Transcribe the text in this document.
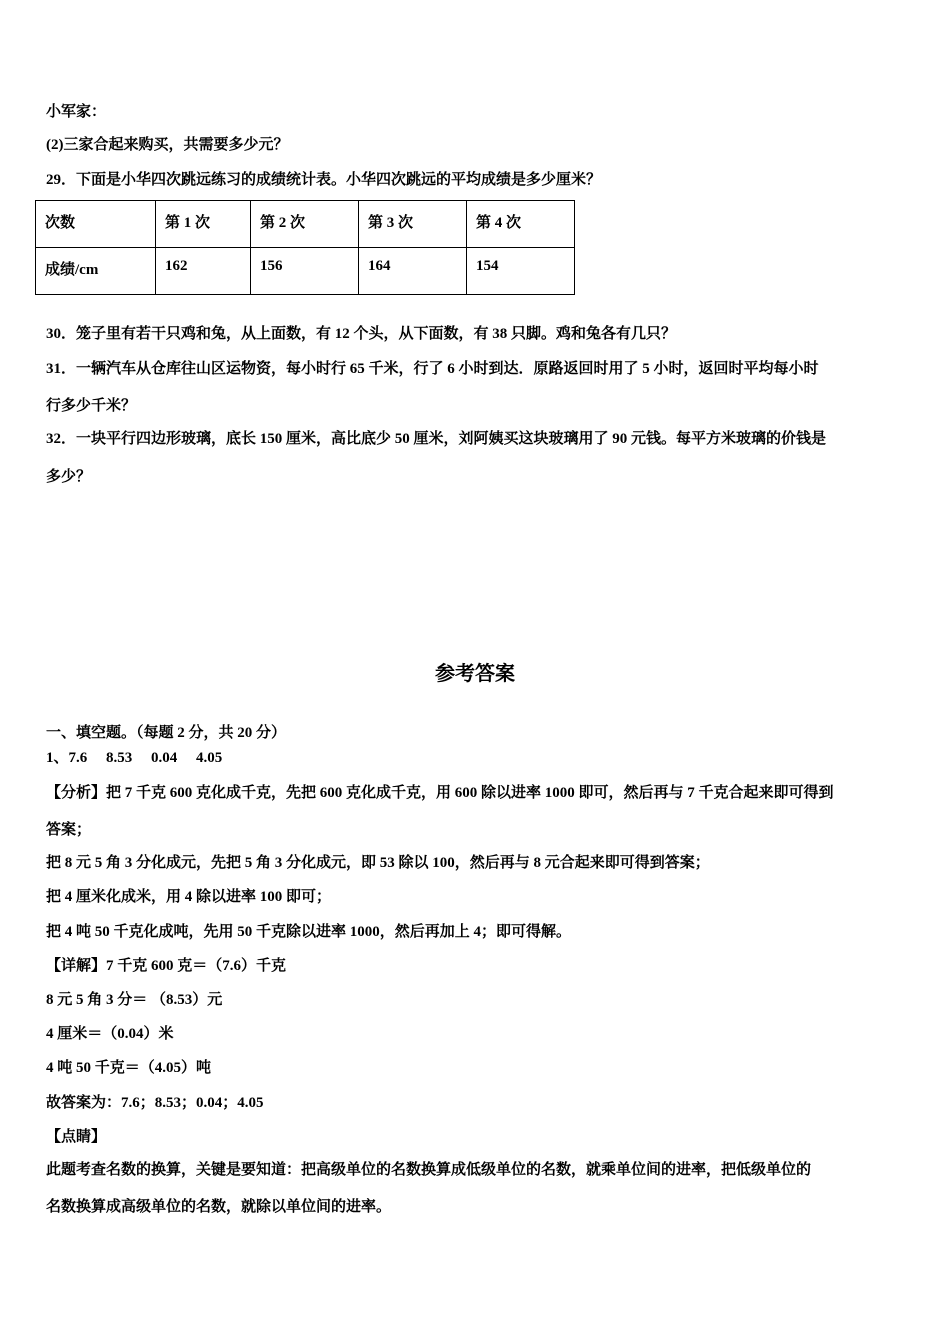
小军家：
(2)三家合起来购买，共需要多少元？
29．下面是小华四次跳远练习的成绩统计表。小华四次跳远的平均成绩是多少厘米？
次数	第 1 次	第 2 次	第 3 次	第 4 次

成绩/cm	162	156	164	154
30．笼子里有若干只鸡和兔，从上面数，有 12 个头，从下面数，有 38 只脚。鸡和兔各有几只？
31．一辆汽车从仓库往山区运物资，每小时行 65 千米，行了 6 小时到达．原路返回时用了 5 小时，返回时平均每小时
行多少千米？
32．一块平行四边形玻璃，底长 150 厘米，高比底少 50 厘米，刘阿姨买这块玻璃用了 90 元钱。每平方米玻璃的价钱是
多少？
参考答案
一、填空题。（每题 2 分，共 20 分）
1、7.6　 8.53　 0.04　 4.05
【分析】把 7 千克 600 克化成千克，先把 600 克化成千克，用 600 除以进率 1000 即可，然后再与 7 千克合起来即可得到
答案；
把 8 元 5 角 3 分化成元，先把 5 角 3 分化成元，即 53 除以 100，然后再与 8 元合起来即可得到答案；
把 4 厘米化成米，用 4 除以进率 100 即可；
把 4 吨 50 千克化成吨，先用 50 千克除以进率 1000，然后再加上 4；即可得解。
【详解】7 千克 600 克＝（7.6）千克
8 元 5 角 3 分＝ （8.53）元
4 厘米＝（0.04）米
4 吨 50 千克＝（4.05）吨
故答案为：7.6；8.53；0.04；4.05
【点睛】
此题考查名数的换算，关键是要知道：把高级单位的名数换算成低级单位的名数，就乘单位间的进率，把低级单位的
名数换算成高级单位的名数，就除以单位间的进率。
